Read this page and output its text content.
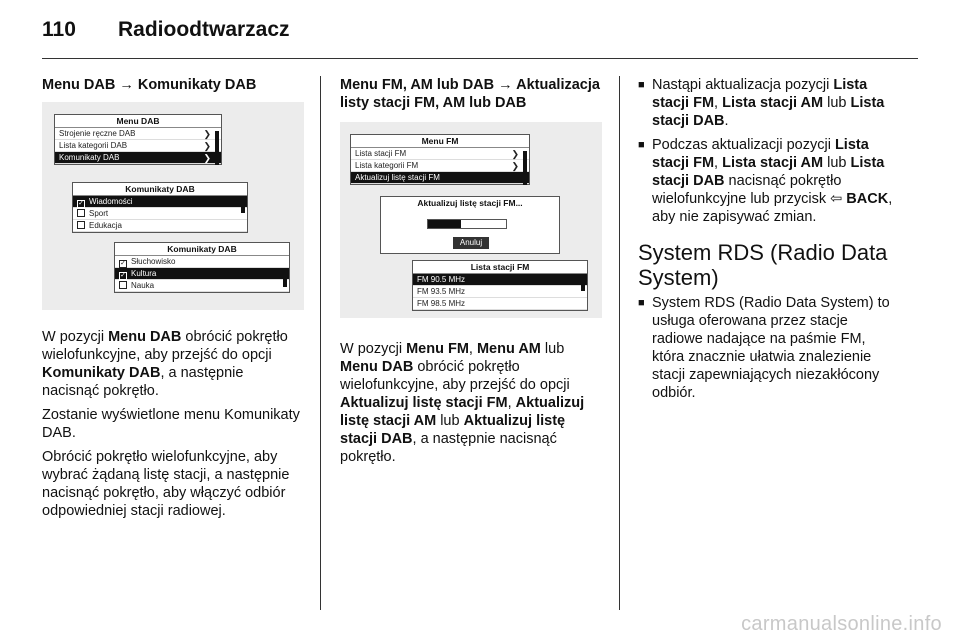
110	Radioodtwarzacz
Menu DAB → Komunikaty DAB
Menu DAB
Strojenie ręczne DAB	❯
Lista kategorii DAB	❯
Komunikaty DAB	❯
Komunikaty DAB
✓ Wiadomości
Sport
Edukacja
Komunikaty DAB
✓ Słuchowisko
✓ Kultura
Nauka

W pozycji Menu DAB obrócić pokrętło wielofunkcyjne, aby przejść do opcji Komunikaty DAB, a następnie nacisnąć pokrętło.

Zostanie wyświetlone menu Komunikaty DAB.

Obrócić pokrętło wielofunkcyjne, aby wybrać żądaną listę stacji, a następnie nacisnąć pokrętło, aby włączyć odbiór odpowiedniej stacji radiowej.

Menu FM, AM lub DAB → Aktualizacja listy stacji FM, AM lub DAB
Menu FM
Lista stacji FM	❯
Lista kategorii FM	❯
Aktualizuj listę stacji FM
Aktualizuj listę stacji FM...
Anuluj
Lista stacji FM
FM 90.5 MHz
FM 93.5 MHz
FM 98.5 MHz

W pozycji Menu FM, Menu AM lub Menu DAB obrócić pokrętło wielofunkcyjne, aby przejść do opcji Aktualizuj listę stacji FM, Aktualizuj listę stacji AM lub Aktualizuj listę stacji DAB, a następnie nacisnąć pokrętło.

■ Nastąpi aktualizacja pozycji Lista stacji FM, Lista stacji AM lub Lista stacji DAB.
■ Podczas aktualizacji pozycji Lista stacji FM, Lista stacji AM lub Lista stacji DAB nacisnąć pokrętło wielofunkcyjne lub przycisk ⇦ BACK, aby nie zapisywać zmian.
System RDS (Radio Data System)
■ System RDS (Radio Data System) to usługa oferowana przez stacje radiowe nadające na paśmie FM, która znacznie ułatwia znalezienie stacji zapewniających niezakłócony odbiór.
carmanualsonline.info
